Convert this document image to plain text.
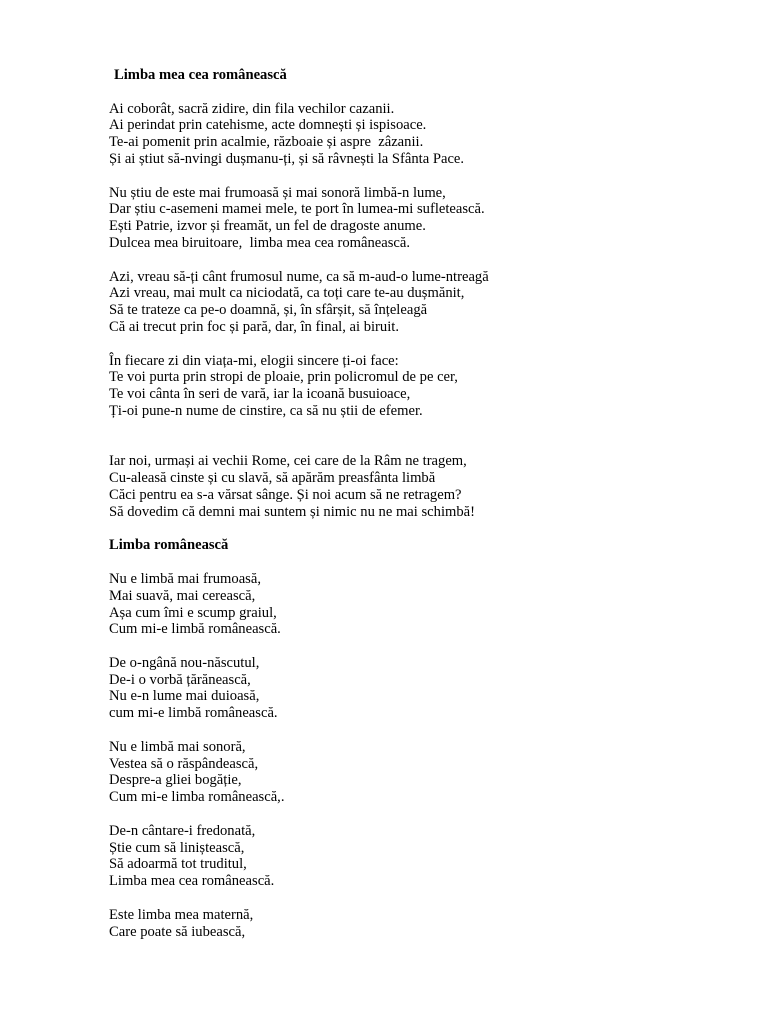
Limba mea cea românească

Ai coborât, sacră zidire, din fila vechilor cazanii.
Ai perindat prin catehisme, acte domnești și ispisoace.
Te-ai pomenit prin acalmie, războaie și aspre  zâzanii.
Și ai știut să-nvingi dușmanu-ți, și să râvnești la Sfânta Pace.
Nu știu de este mai frumoasă și mai sonoră limbă-n lume,
Dar știu c-asemeni mamei mele, te port în lumea-mi sufletească.
Ești Patrie, izvor și freamăt, un fel de dragoste anume.
Dulcea mea biruitoare,  limba mea cea românească.
Azi, vreau să-ți cânt frumosul nume, ca să m-aud-o lume-ntreagă
Azi vreau, mai mult ca niciodată, ca toți care te-au dușmănit,
Să te trateze ca pe-o doamnă, și, în sfârșit, să înțeleagă
Că ai trecut prin foc și pară, dar, în final, ai biruit.
În fiecare zi din viața-mi, elogii sincere ți-oi face:
Te voi purta prin stropi de ploaie, prin policromul de pe cer,
Te voi cânta în seri de vară, iar la icoană busuioace,
Ți-oi pune-n nume de cinstire, ca să nu știi de efemer.
Iar noi, urmași ai vechii Rome, cei care de la Râm ne tragem,
Cu-aleasă cinste și cu slavă, să apărăm preasfânta limbă
Căci pentru ea s-a vărsat sânge. Și noi acum să ne retragem?
Să dovedim că demni mai suntem și nimic nu ne mai schimbă!

Limba românească

Nu e limbă mai frumoasă,
Mai suavă, mai cerească,
Așa cum îmi e scump graiul,
Cum mi-e limbă românească.
De o-ngână nou-născutul,
De-i o vorbă țărănească,
Nu e-n lume mai duioasă,
cum mi-e limbă românească.
Nu e limbă mai sonoră,
Vestea să o răspândească,
Despre-a gliei bogăție,
Cum mi-e limba românească,.
De-n cântare-i fredonată,
Știe cum să liniștească,
Să adoarmă tot truditul,
Limba mea cea românească.
Este limba mea maternă,
Care poate să iubească,
